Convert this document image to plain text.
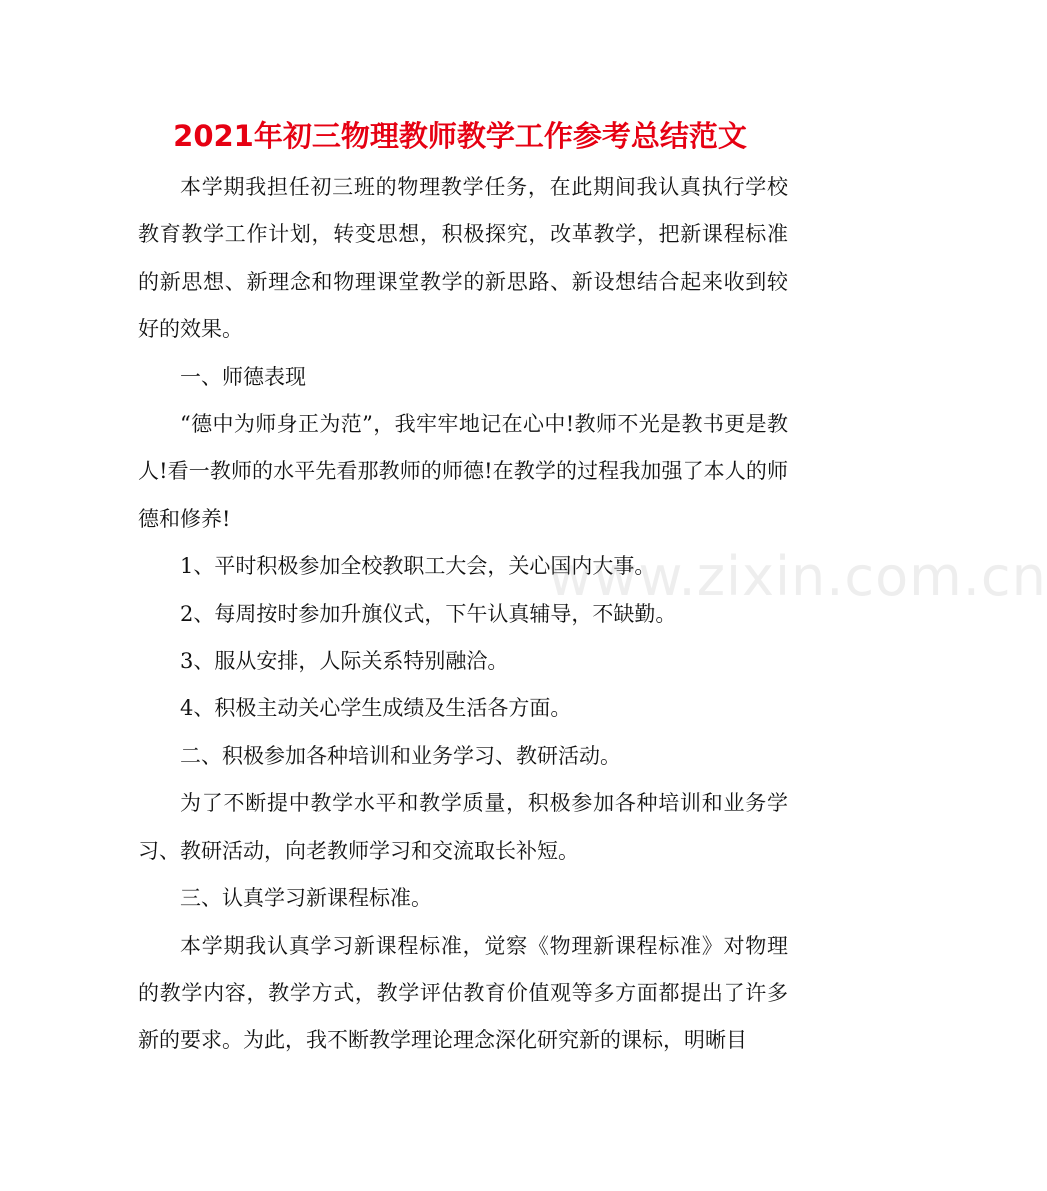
2021年初三物理教师教学工作参考总结范文

本学期我担任初三班的物理教学任务，在此期间我认真执行学校教育教学工作计划，转变思想，积极探究，改革教学，把新课程标准的新思想、新理念和物理课堂教学的新思路、新设想结合起来收到较好的效果。

一、师德表现

“德中为师身正为范”，我牢牢地记在心中!教师不光是教书更是教人!看一教师的水平先看那教师的师德!在教学的过程我加强了本人的师德和修养!

1、平时积极参加全校教职工大会，关心国内大事。

2、每周按时参加升旗仪式，下午认真辅导，不缺勤。

3、服从安排，人际关系特别融洽。

4、积极主动关心学生成绩及生活各方面。

二、积极参加各种培训和业务学习、教研活动。

为了不断提中教学水平和教学质量，积极参加各种培训和业务学习、教研活动，向老教师学习和交流取长补短。

三、认真学习新课程标准。

本学期我认真学习新课程标准，觉察《物理新课程标准》对物理的教学内容，教学方式，教学评估教育价值观等多方面都提出了许多新的要求。为此，我不断教学理论理念深化研究新的课标，明晰目

www.zixin.com.cn
